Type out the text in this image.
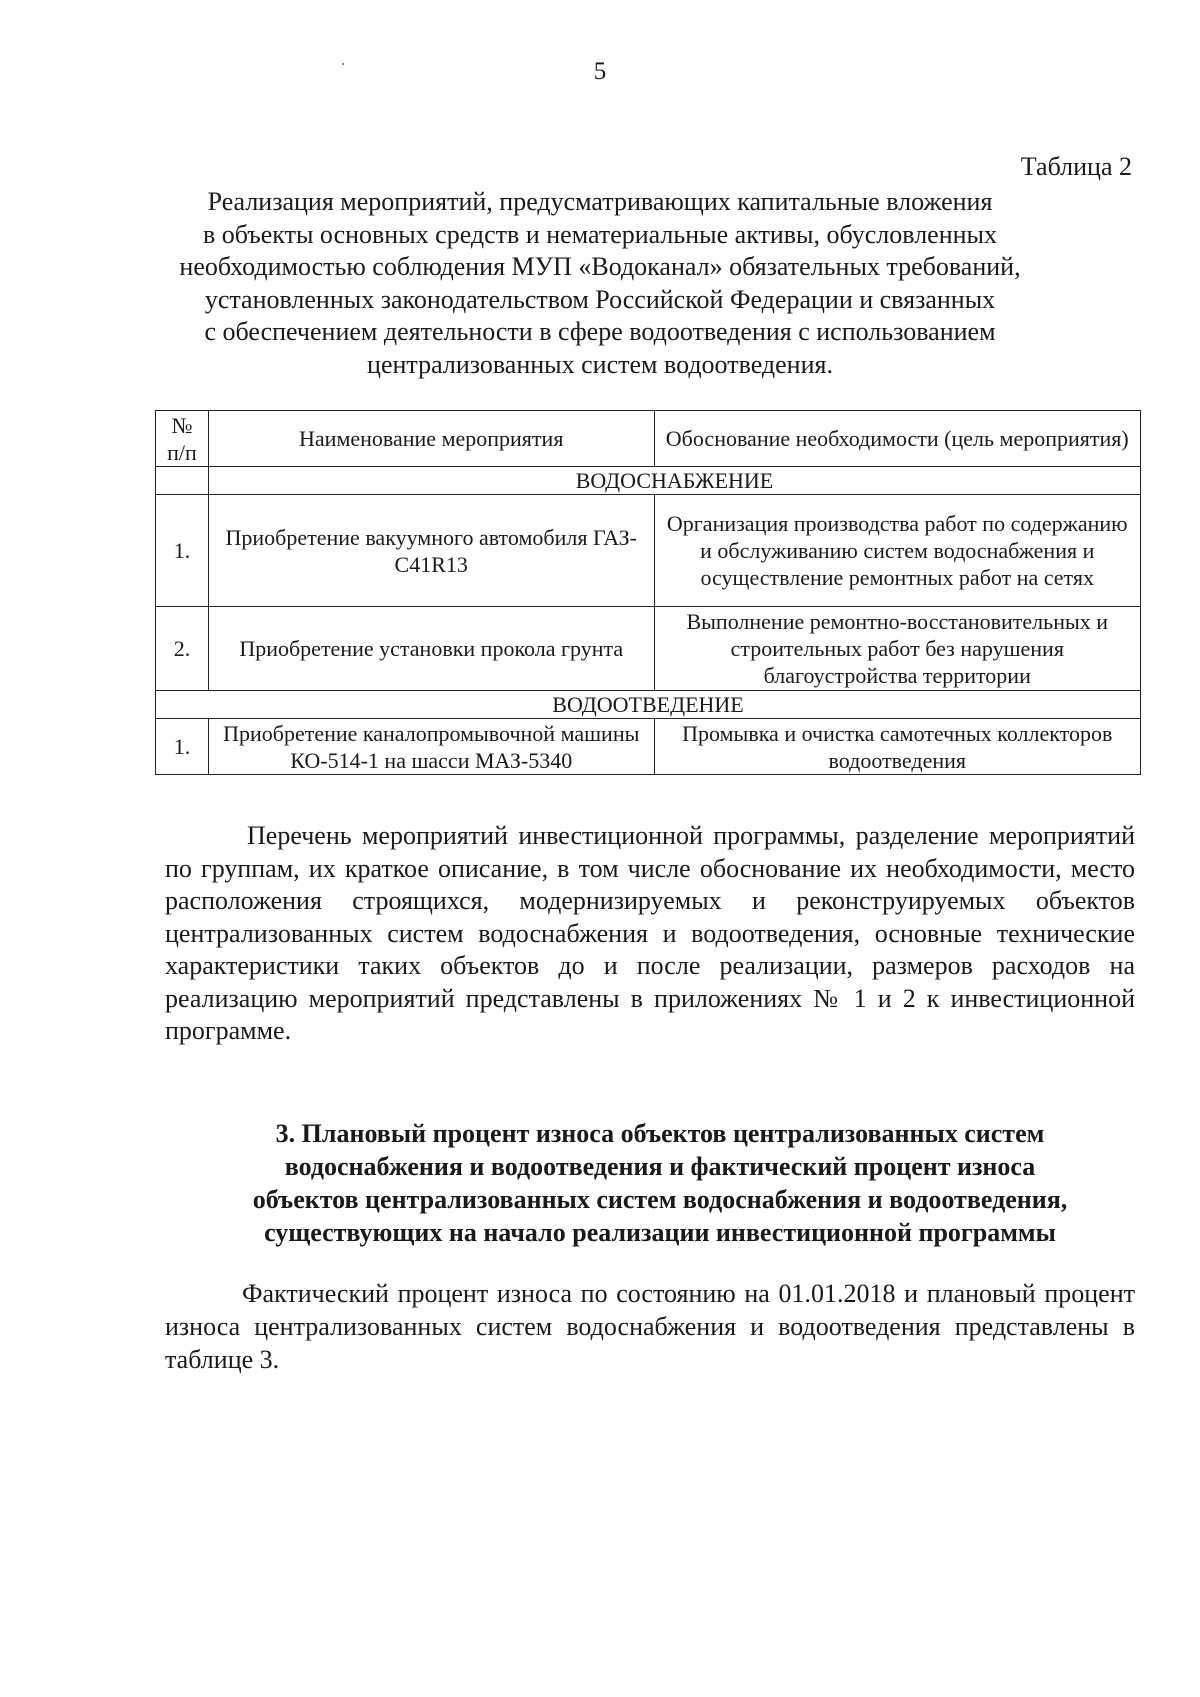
5
Таблица 2
Реализация мероприятий, предусматривающих капитальные вложения
в объекты основных средств и нематериальные активы, обусловленных
необходимостью соблюдения МУП «Водоканал» обязательных требований,
установленных законодательством Российской Федерации и связанных
с обеспечением деятельности в сфере водоотведения с использованием
централизованных систем водоотведения.
№ п/п	Наименование мероприятия	Обоснование необходимости (цель мероприятия)
	ВОДОСНАБЖЕНИЕ	
1.	Приобретение вакуумного автомобиля ГАЗ-C41R13	Организация производства работ по содержанию и обслуживанию систем водоснабжения и осуществление ремонтных работ на сетях
2.	Приобретение установки прокола грунта	Выполнение ремонтно-восстановительных и строительных работ без нарушения благоустройства территории
ВОДООТВЕДЕНИЕ		
1.	Приобретение каналопромывочной машины КО-514-1 на шасси МАЗ-5340	Промывка и очистка самотечных коллекторов водоотведения

Перечень мероприятий инвестиционной программы, разделение мероприятий по группам, их краткое описание, в том числе обоснование их необходимости, место расположения строящихся, модернизируемых и реконструируемых объектов централизованных систем водоснабжения и водоотведения, основные технические характеристики таких объектов до и после реализации, размеров расходов на реализацию мероприятий представлены в приложениях № 1 и 2 к инвестиционной программе.

3. Плановый процент износа объектов централизованных систем
водоснабжения и водоотведения и фактический процент износа
объектов централизованных систем водоснабжения и водоотведения,
существующих на начало реализации инвестиционной программы

Фактический процент износа по состоянию на 01.01.2018 и плановый процент износа централизованных систем водоснабжения и водоотведения представлены в таблице 3.
